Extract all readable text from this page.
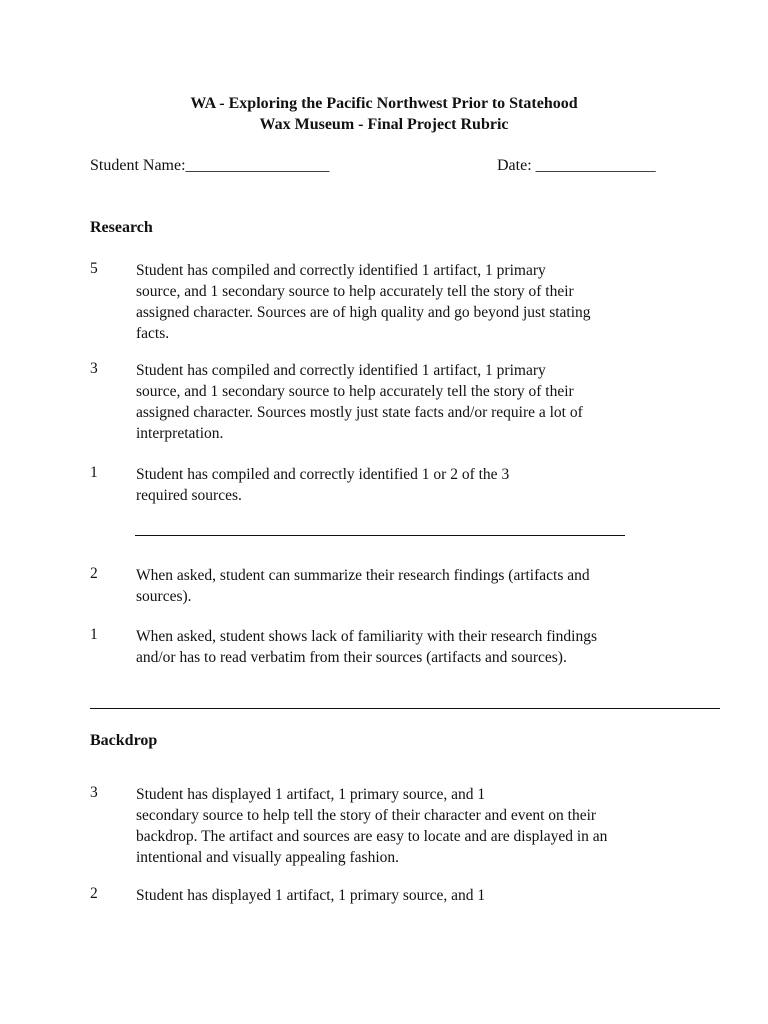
WA - Exploring the Pacific Northwest Prior to Statehood
Wax Museum - Final Project Rubric
Student Name:__________________	Date: _______________
Research
5	Student has compiled and correctly identified 1 artifact, 1 primary
source, and 1 secondary source to help accurately tell the story of their
assigned character. Sources are of high quality and go beyond just stating
facts.
3	Student has compiled and correctly identified 1 artifact, 1 primary
source, and 1 secondary source to help accurately tell the story of their
assigned character. Sources mostly just state facts and/or require a lot of
interpretation.
1	Student has compiled and correctly identified 1 or 2 of the 3
required sources.
2	When asked, student can summarize their research findings (artifacts and
sources).
1	When asked, student shows lack of familiarity with their research findings
and/or has to read verbatim from their sources (artifacts and sources).
Backdrop
3	Student has displayed 1 artifact, 1 primary source, and 1
secondary source to help tell the story of their character and event on their
backdrop. The artifact and sources are easy to locate and are displayed in an
intentional and visually appealing fashion.
2	Student has displayed 1 artifact, 1 primary source, and 1
